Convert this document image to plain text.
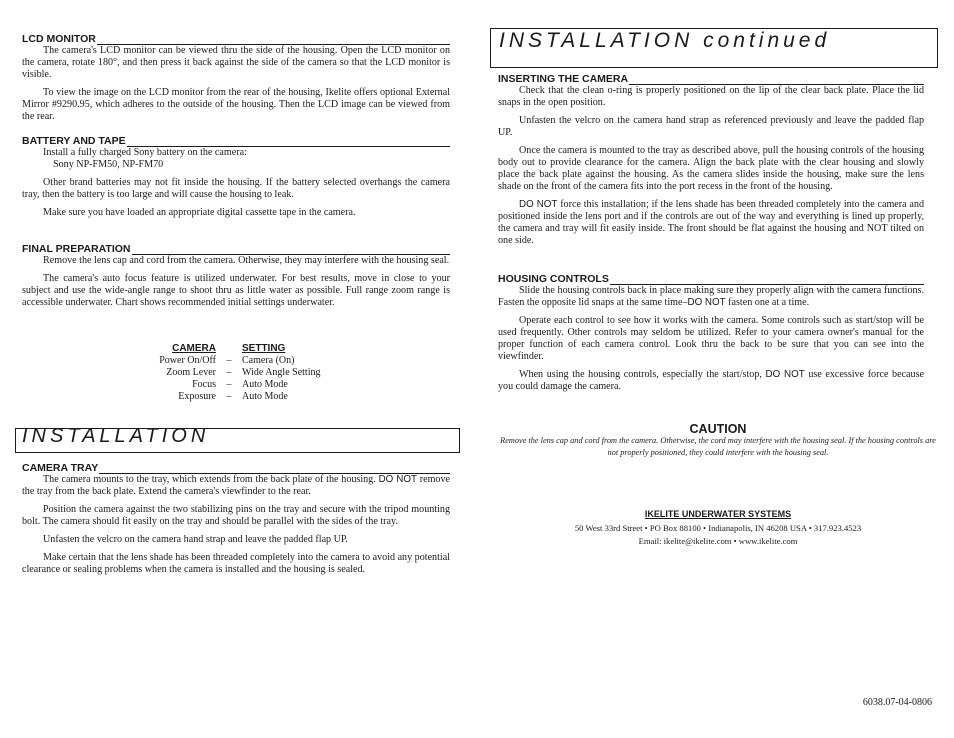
LCD MONITOR

The camera's LCD monitor can be viewed thru the side of the housing. Open the LCD monitor on the camera, rotate 180°, and then press it back against the side of the camera so that the LCD monitor is visible.

To view the image on the LCD monitor from the rear of the housing, Ikelite offers optional External Mirror #9290.95, which adheres to the outside of the housing. Then the LCD image can be viewed from the rear.

BATTERY AND TAPE
Install a fully charged Sony battery on the camera:
Sony NP-FM50, NP-FM70

Other brand batteries may not fit inside the housing. If the battery selected overhangs the camera tray, then the battery is too large and will cause the housing to leak.

Make sure you have loaded an appropriate digital cassette tape in the camera.

FINAL PREPARATION

Remove the lens cap and cord from the camera. Otherwise, they may interfere with the housing seal.

The camera's auto focus feature is utilized underwater. For best results, move in close to your subject and use the wide-angle range to shoot thru as little water as possible. Full range zoom range is accessible underwater. Chart shows recommended initial settings underwater.

CAMERA	SETTING
Power On/Off	–	Camera (On)
Zoom Lever	–	Wide Angle Setting
Focus	–	Auto Mode
Exposure	–	Auto Mode
INSTALLATION
CAMERA TRAY

The camera mounts to the tray, which extends from the back plate of the housing. DO NOT remove the tray from the back plate. Extend the camera's viewfinder to the rear.

Position the camera against the two stabilizing pins on the tray and secure with the tripod mounting bolt. The camera should fit easily on the tray and should be parallel with the sides of the tray.

Unfasten the velcro on the camera hand strap and leave the padded flap UP.

Make certain that the lens shade has been threaded completely into the camera to avoid any potential clearance or sealing problems when the camera is installed and the housing is sealed.

INSTALLATION continued
INSERTING THE CAMERA

Check that the clean o-ring is properly positioned on the lip of the clear back plate. Place the lid snaps in the open position.

Unfasten the velcro on the camera hand strap as referenced previously and leave the padded flap UP.

Once the camera is mounted to the tray as described above, pull the housing controls of the housing body out to provide clearance for the camera. Align the back plate with the clear housing and slowly place the back plate against the housing. As the camera slides inside the housing, make sure the lens shade on the front of the camera fits into the port recess in the front of the housing.

DO NOT force this installation; if the lens shade has been threaded completely into the camera and positioned inside the lens port and if the controls are out of the way and everything is lined up properly, the camera and tray will fit easily inside. The front should be flat against the housing and NOT tilted on one side.

HOUSING CONTROLS

Slide the housing controls back in place making sure they properly align with the camera functions. Fasten the opposite lid snaps at the same time–DO NOT fasten one at a time.

Operate each control to see how it works with the camera. Some controls such as start/stop will be used frequently. Other controls may seldom be utilized. Refer to your camera owner's manual for the proper function of each camera control. Look thru the back to be sure that you can see into the viewfinder.

When using the housing controls, especially the start/stop, DO NOT use excessive force because you could damage the camera.

CAUTION
Remove the lens cap and cord from the camera. Otherwise, the cord may interfere with the housing seal. If the housing controls are not properly positioned, they could interfere with the housing seal.
IKELITE UNDERWATER SYSTEMS
50 West 33rd Street • PO Box 88100 • Indianapolis, IN 46208 USA • 317.923.4523
Email: ikelite@ikelite.com • www.ikelite.com
6038.07-04-0806
